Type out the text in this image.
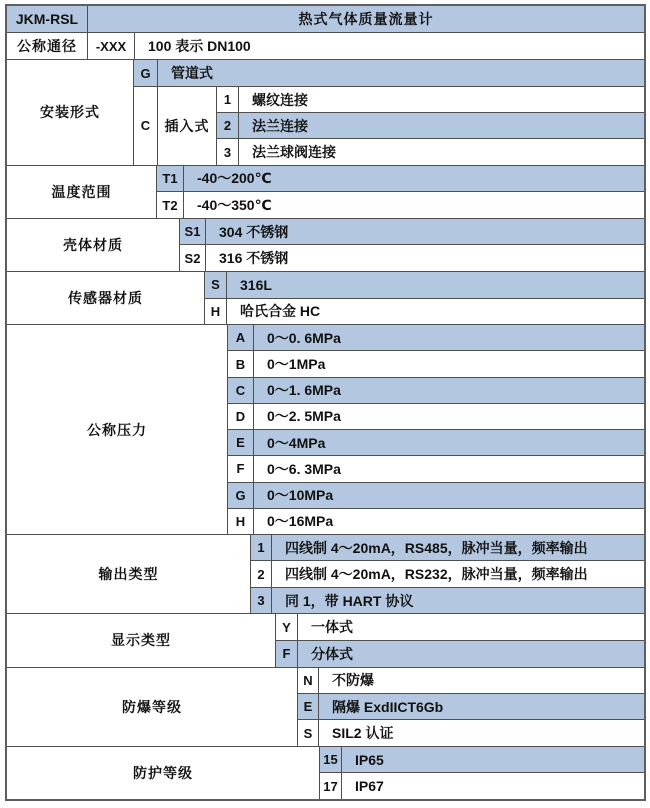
JKM-RSL	热式气体质量流量计
公称通径	-XXX	100 表示 DN100
安装形式
G	管道式
C	插入式
1	螺纹连接
2	法兰连接
3	法兰球阀连接
温度范围
T1	-40～200℃
T2	-40～350℃
壳体材质
S1	304 不锈钢
S2	316 不锈钢
传感器材质
S	316L
H	哈氏合金 HC
公称压力
A	0～0. 6MPa
B	0～1MPa
C	0～1. 6MPa
D	0～2. 5MPa
E	0～4MPa
F	0～6. 3MPa
G	0～10MPa
H	0～16MPa
输出类型
1	四线制 4～20mA，RS485，脉冲当量，频率输出
2	四线制 4～20mA，RS232，脉冲当量，频率输出
3	同 1，带 HART 协议
显示类型
Y	一体式
F	分体式
防爆等级
N	不防爆
E	隔爆 ExdIICT6Gb
S	SIL2 认证
防护等级
15	IP65
17	IP67
